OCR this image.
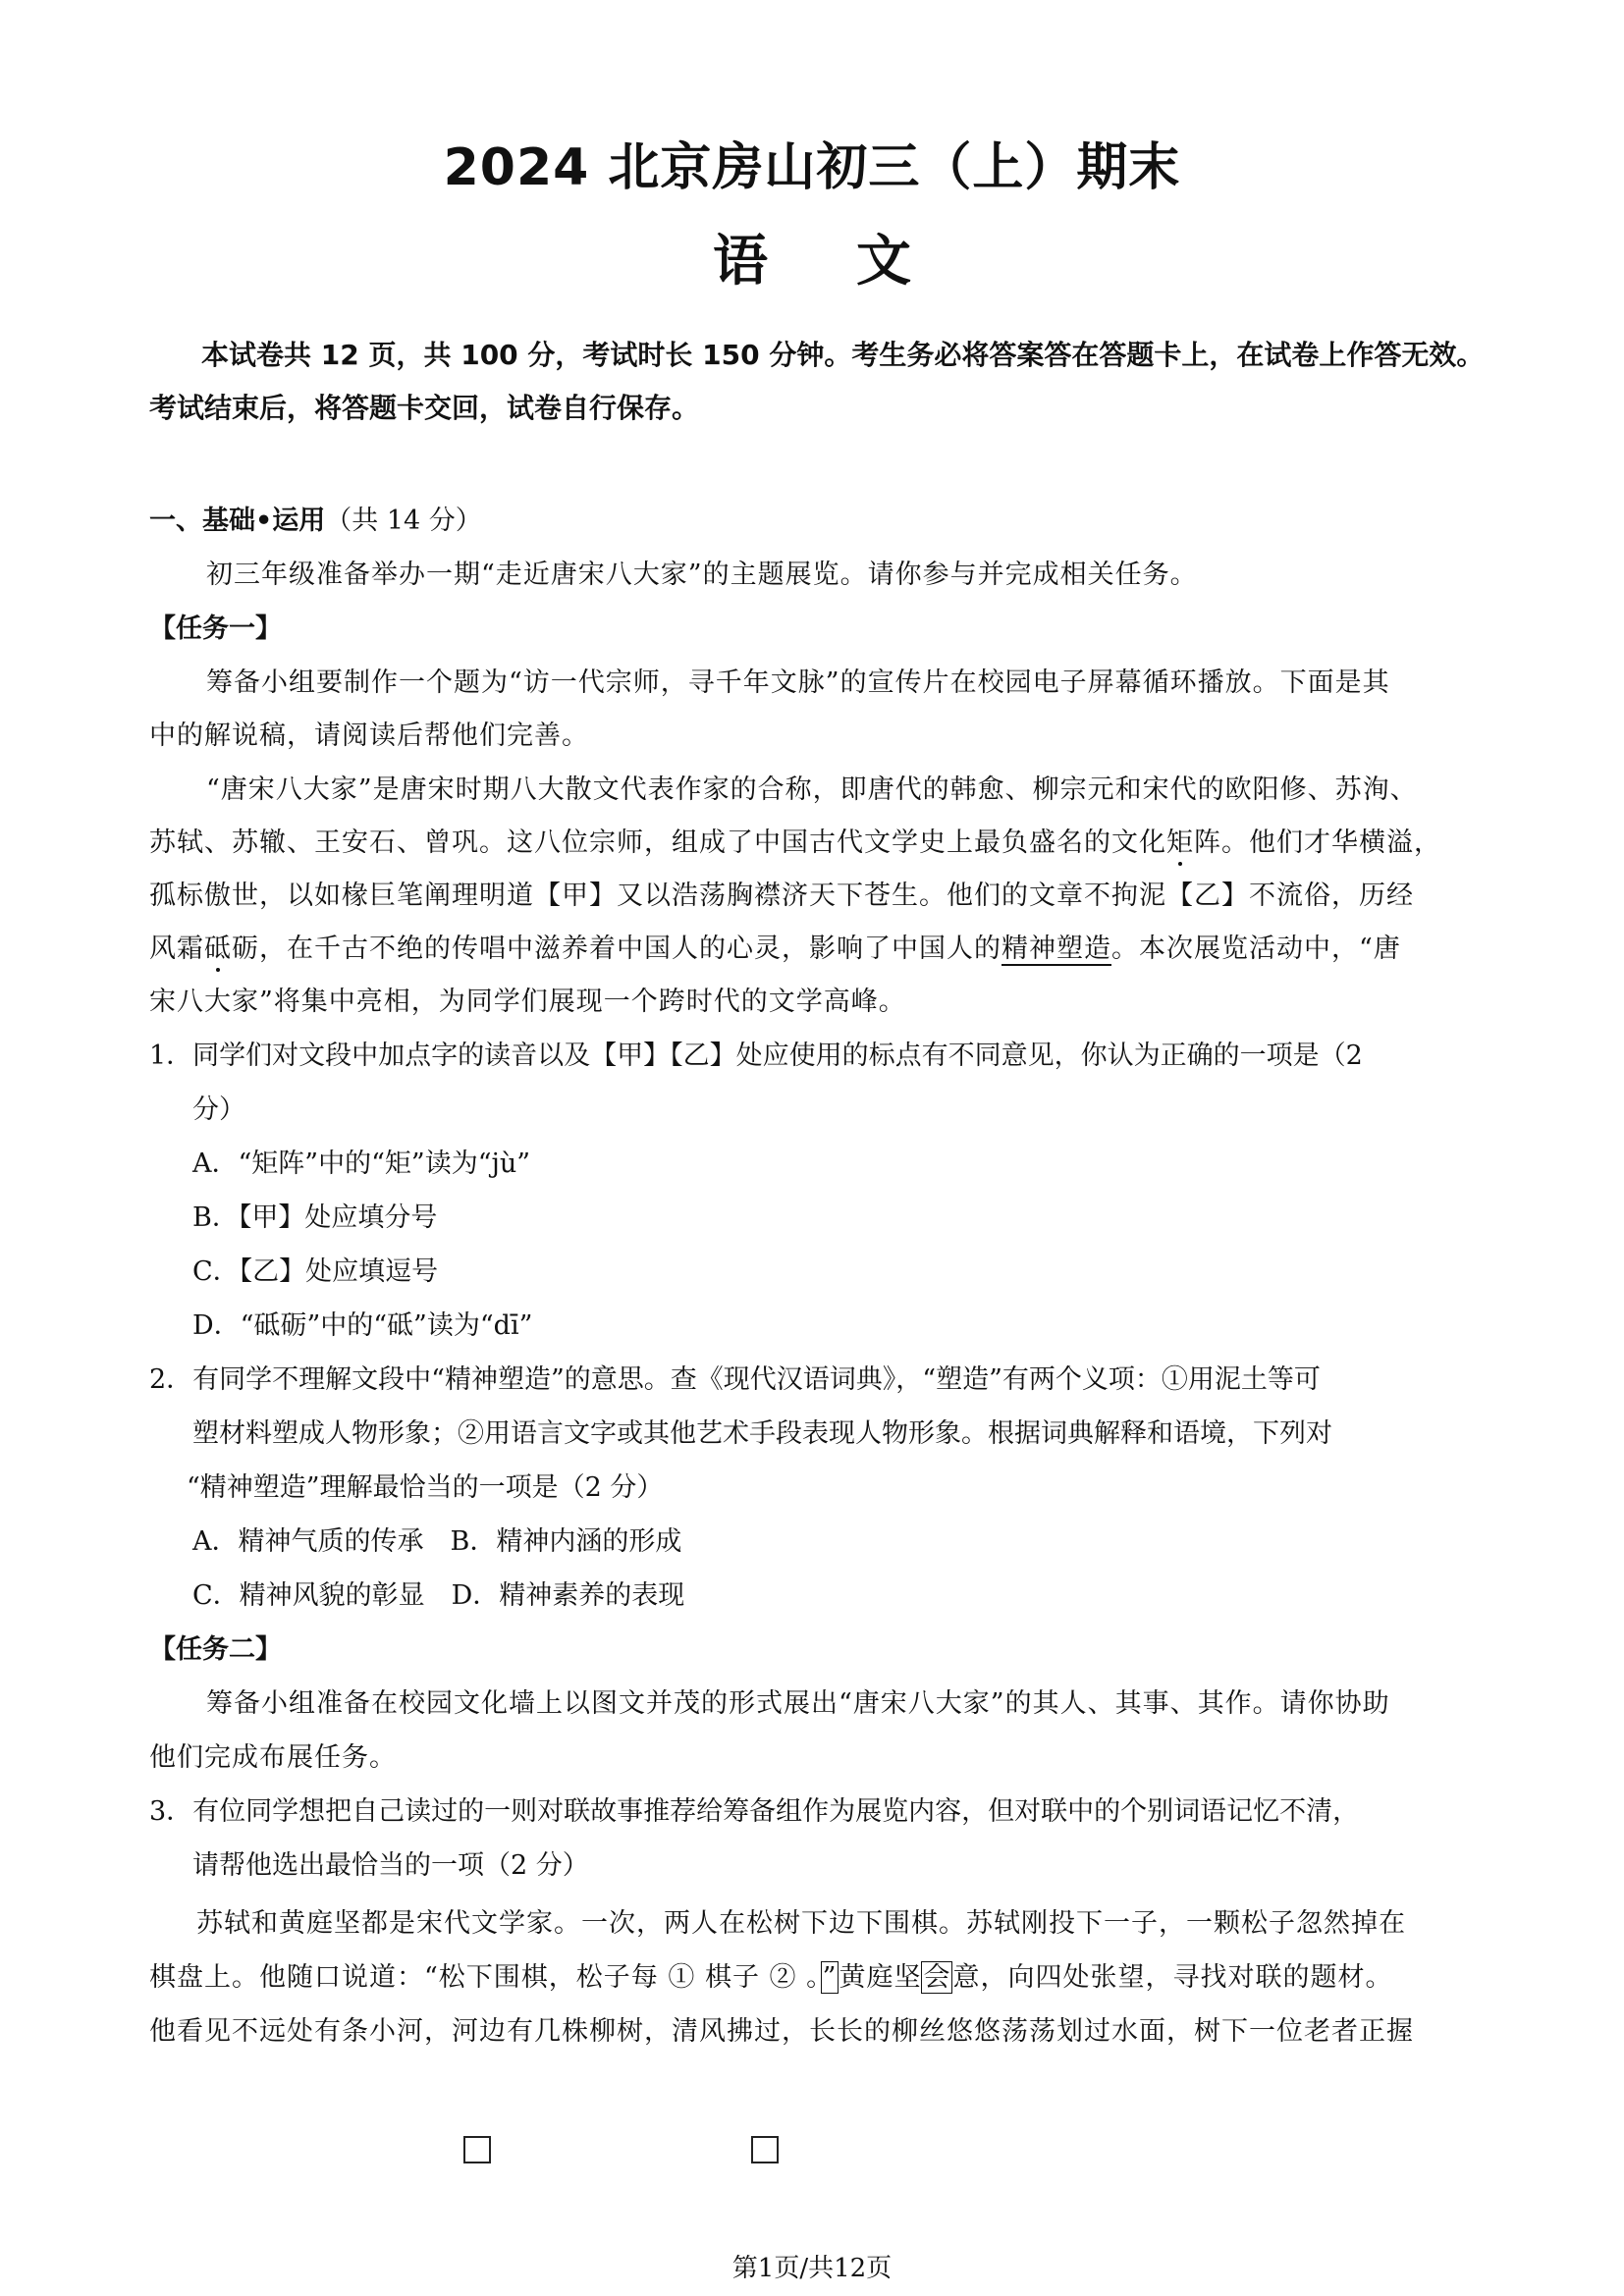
2024 北京房山初三（上）期末
语文
本试卷共 12 页，共 100 分，考试时长 150 分钟。考生务必将答案答在答题卡上，在试卷上作答无效。
考试结束后，将答题卡交回，试卷自行保存。
一、基础•运用（共 14 分）
初三年级准备举办一期“走近唐宋八大家”的主题展览。请你参与并完成相关任务。
【任务一】
筹备小组要制作一个题为“访一代宗师，寻千年文脉”的宣传片在校园电子屏幕循环播放。下面是其
中的解说稿，请阅读后帮他们完善。
“唐宋八大家”是唐宋时期八大散文代表作家的合称，即唐代的韩愈、柳宗元和宋代的欧阳修、苏洵、
苏轼、苏辙、王安石、曾巩。这八位宗师，组成了中国古代文学史上最负盛名的文化矩阵。他们才华横溢，
孤标傲世，以如椽巨笔阐理明道【甲】又以浩荡胸襟济天下苍生。他们的文章不拘泥【乙】不流俗，历经
风霜砥砺，在千古不绝的传唱中滋养着中国人的心灵，影响了中国人的精神塑造。本次展览活动中，“唐
宋八大家”将集中亮相，为同学们展现一个跨时代的文学高峰。
1．同学们对文段中加点字的读音以及【甲】【乙】处应使用的标点有不同意见，你认为正确的一项是（2
分）
A．“矩阵”中的“矩”读为“jù”
B．【甲】处应填分号
C．【乙】处应填逗号
D．“砥砺”中的“砥”读为“dī”
2．有同学不理解文段中“精神塑造”的意思。查《现代汉语词典》，“塑造”有两个义项：①用泥土等可
塑材料塑成人物形象；②用语言文字或其他艺术手段表现人物形象。根据词典解释和语境，下列对
“精神塑造”理解最恰当的一项是（2 分）
A．精神气质的传承　B．精神内涵的形成
C．精神风貌的彰显　D．精神素养的表现
【任务二】
筹备小组准备在校园文化墙上以图文并茂的形式展出“唐宋八大家”的其人、其事、其作。请你协助
他们完成布展任务。
3．有位同学想把自己读过的一则对联故事推荐给筹备组作为展览内容，但对联中的个别词语记忆不清，
请帮他选出最恰当的一项（2 分）
苏轼和黄庭坚都是宋代文学家。一次，两人在松树下边下围棋。苏轼刚投下一子，一颗松子忽然掉在
棋盘上。他随口说道：“松下围棋，松子每 ① 棋子 ② 。”黄庭坚会意，向四处张望，寻找对联的题材。
他看见不远处有条小河，河边有几株柳树，清风拂过，长长的柳丝悠悠荡荡划过水面，树下一位老者正握
第1页/共12页
